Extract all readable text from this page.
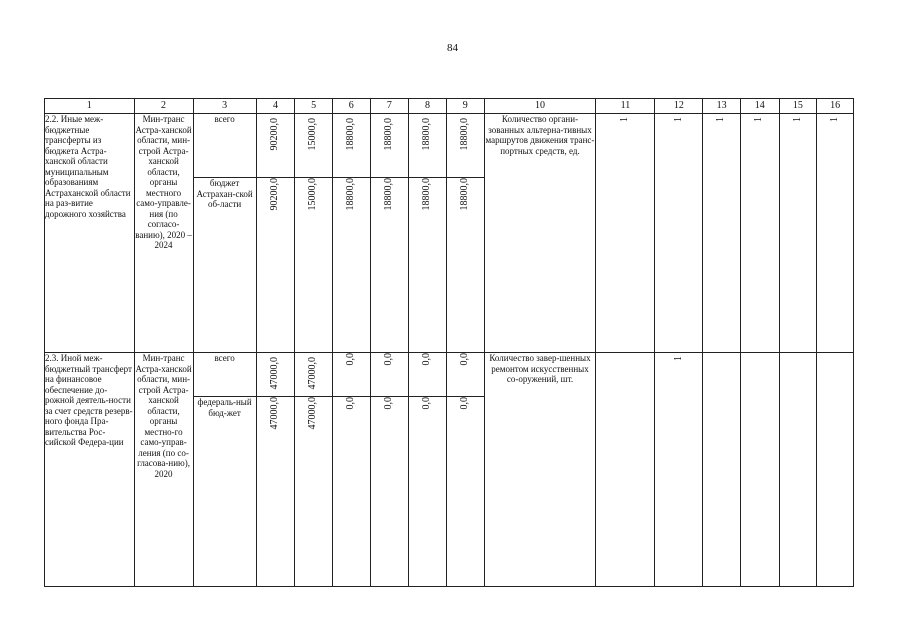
84
1	2	3	4	5	6	7	8	9	10	11	12	13	14	15	16
2.2. Иные меж-бюджетные трансферты из бюджета Астра-ханской области муниципальным образованиям Астраханской области на раз-витие дорожного хозяйства	Мин-транс Астра-ханской области, мин-строй Астра-ханской области, органы местного само-управле-ния (по согласо-ванию), 2020 – 2024	всего	90200,0	15000,0	18800,0	18800,0	18800,0	18800,0	Количество органи-зованных альтерна-тивных маршрутов движения транс-портных средств, ед.	1	1	1	1	1	1
		бюджет Астрахан-ской об-ласти	90200,0	15000,0	18800,0	18800,0	18800,0	18800,0							
2.3. Иной меж-бюджетный трансферт на финансовое обеспечение до-рожной деятель-ности за счет средств резерв-ного фонда Пра-вительства Рос-сийской Федера-ции	Мин-транс Астра-ханской области, мин-строй Астра-ханской области, органы местно-го само-управ-ления (по со-гласова-нию), 2020	всего	47000,0	47000,0	0,0	0,0	0,0	0,0	Количество завер-шенных ремонтом искусственных со-оружений, шт.		1				
		федераль-ный бюд-жет	47000,0	47000,0	0,0	0,0	0,0	0,0							
